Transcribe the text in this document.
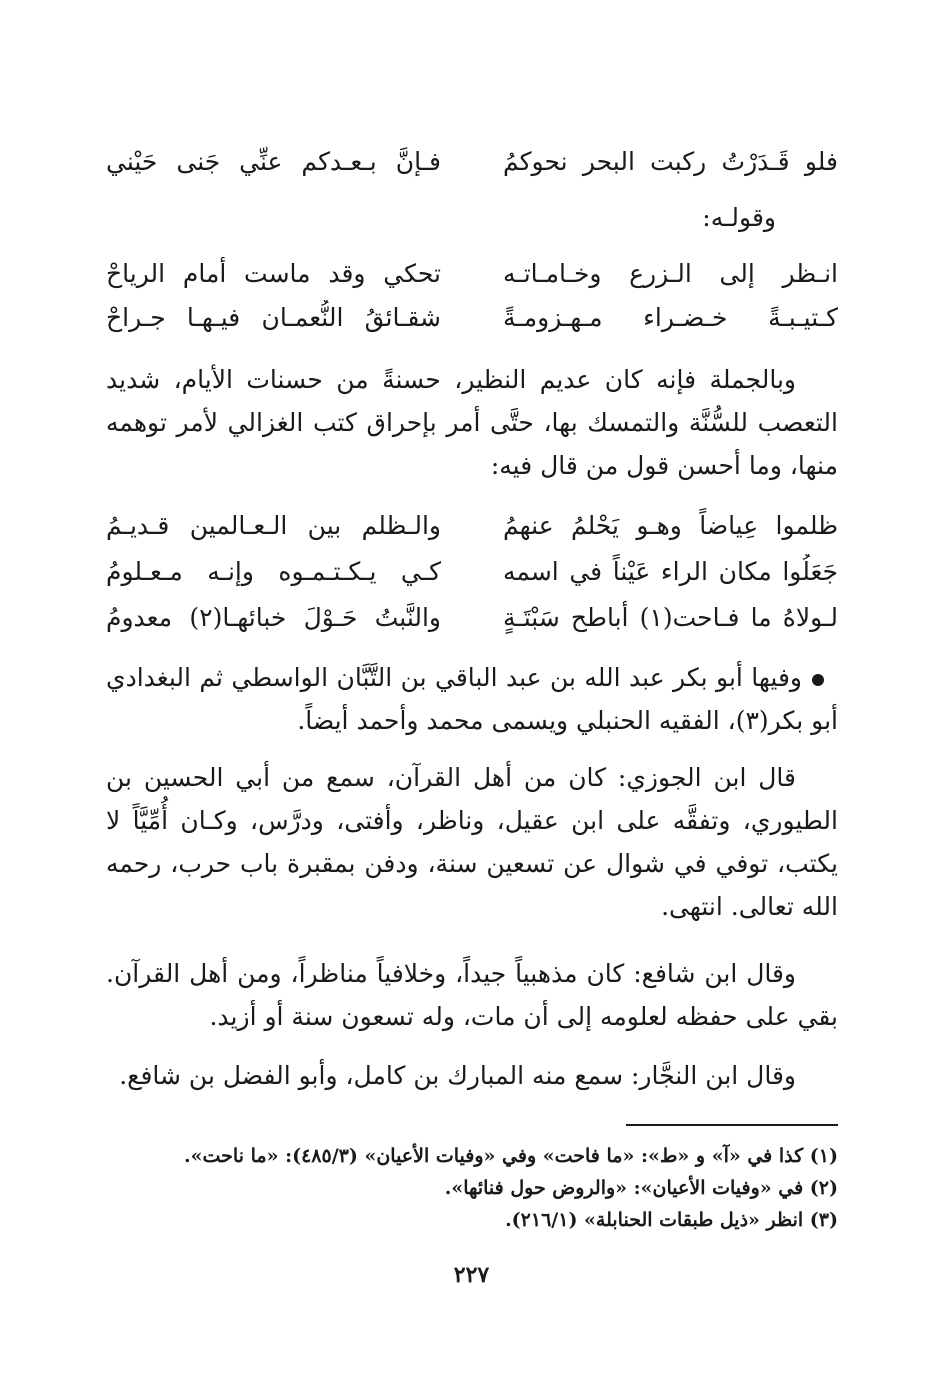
فلو قَـدَرْتُ ركبت البحر نحوكمُ
فـإنَّ بـعـدكم عنِّي جَنى حَيْني

وقولـه:

انـظر إلى الـزرع وخـامـاتـه
تحكي وقد ماست أمام الرياحْ
كـتيـبـةً خـضـراء مـهـزومـةً
شقـائقُ النُّعمـان فيـهـا جـراحْ

وبالجملة فإنه كان عديم النظير، حسنةً من حسنات الأيام، شديد التعصب للسُّنَّة والتمسك بها، حتَّى أمر بإحراق كتب الغزالي لأمر توهمه منها، وما أحسن قول من قال فيه:

ظلموا عِياضاً وهـو يَحْلمُ عنهمُ
والـظلم بين الـعـالمين قـديـمُ
جَعَلُوا مكان الراء عَيْناً في اسمه
كـي يـكـتـمـوه وإنـه مـعـلومُ
لـولاهُ ما فـاحت(١) أباطح سَبْتَـةٍ
والنَّبتُ حَـوْلَ خبائهـا(٢) معدومُ

وفيها أبو بكر عبد الله بن عبد الباقي بن التَّبَّان الواسطي ثم البغدادي أبو بكر(٣)، الفقيه الحنبلي ويسمى محمد وأحمد أيضاً.

قال ابن الجوزي: كان من أهل القرآن، سمع من أبي الحسين بن الطيوري، وتفقَّه على ابن عقيل، وناظر، وأفتى، ودرَّس، وكـان أُمِّيَّاً لا يكتب، توفي في شوال عن تسعين سنة، ودفن بمقبرة باب حرب، رحمه الله تعالى. انتهى.

وقال ابن شافع: كان مذهبياً جيداً، وخلافياً مناظراً، ومن أهل القرآن. بقي على حفظه لعلومه إلى أن مات، وله تسعون سنة أو أزيد.

وقال ابن النجَّار: سمع منه المبارك بن كامل، وأبو الفضل بن شافع.

(١) كذا في «آ» و «ط»: «ما فاحت» وفي «وفيات الأعيان» (٤٨٥/٣): «ما ناحت».
(٢) في «وفيات الأعيان»: «والروض حول فنائها».
(٣) انظر «ذيل طبقات الحنابلة» (٢١٦/١).
٢٢٧
